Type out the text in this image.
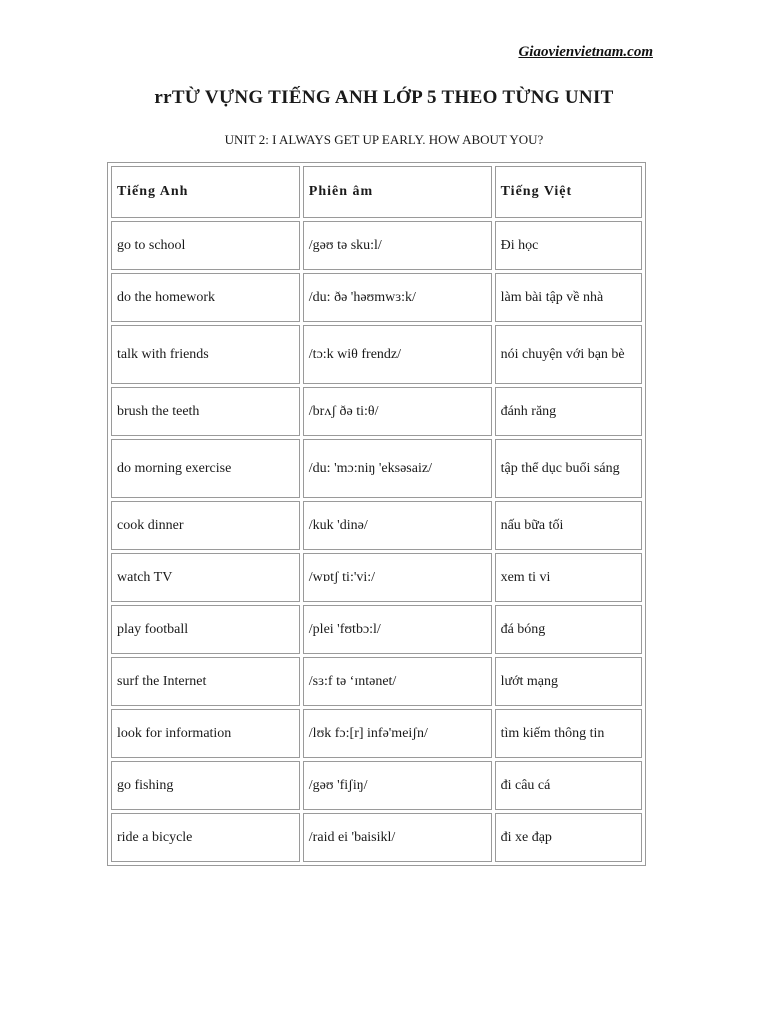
Giaovienvietnam.com
rrTỪ VỰNG TIẾNG ANH LỚP 5 THEO TỪNG UNIT

UNIT 2: I ALWAYS GET UP EARLY. HOW ABOUT YOU?

Tiếng Anh	Phiên âm	Tiếng Việt
go to school	/gəʊ tə sku:l/	Đi học
do the homework	/du: ðə 'həʊmwɜ:k/	làm bài tập về nhà
talk with friends	/tɔ:k wiθ frendz/	nói chuyện với bạn bè
brush the teeth	/brʌʃ ðə ti:θ/	đánh răng
do morning exercise	/du: 'mɔ:niŋ 'eksəsaiz/	tập thể dục buổi sáng
cook dinner	/kuk 'dinə/	nấu bữa tối
watch TV	/wɒtʃ ti:'vi:/	xem ti vi
play football	/plei 'fʊtbɔ:l/	đá bóng
surf the Internet	/sɜ:f tə ‘ɪntənet/	lướt mạng
look for information	/lʊk fɔ:[r] infə'meiʃn/	tìm kiếm thông tin
go fishing	/gəʊ 'fiʃiŋ/	đi câu cá
ride a bicycle	/raid ei 'baisikl/	đi xe đạp
